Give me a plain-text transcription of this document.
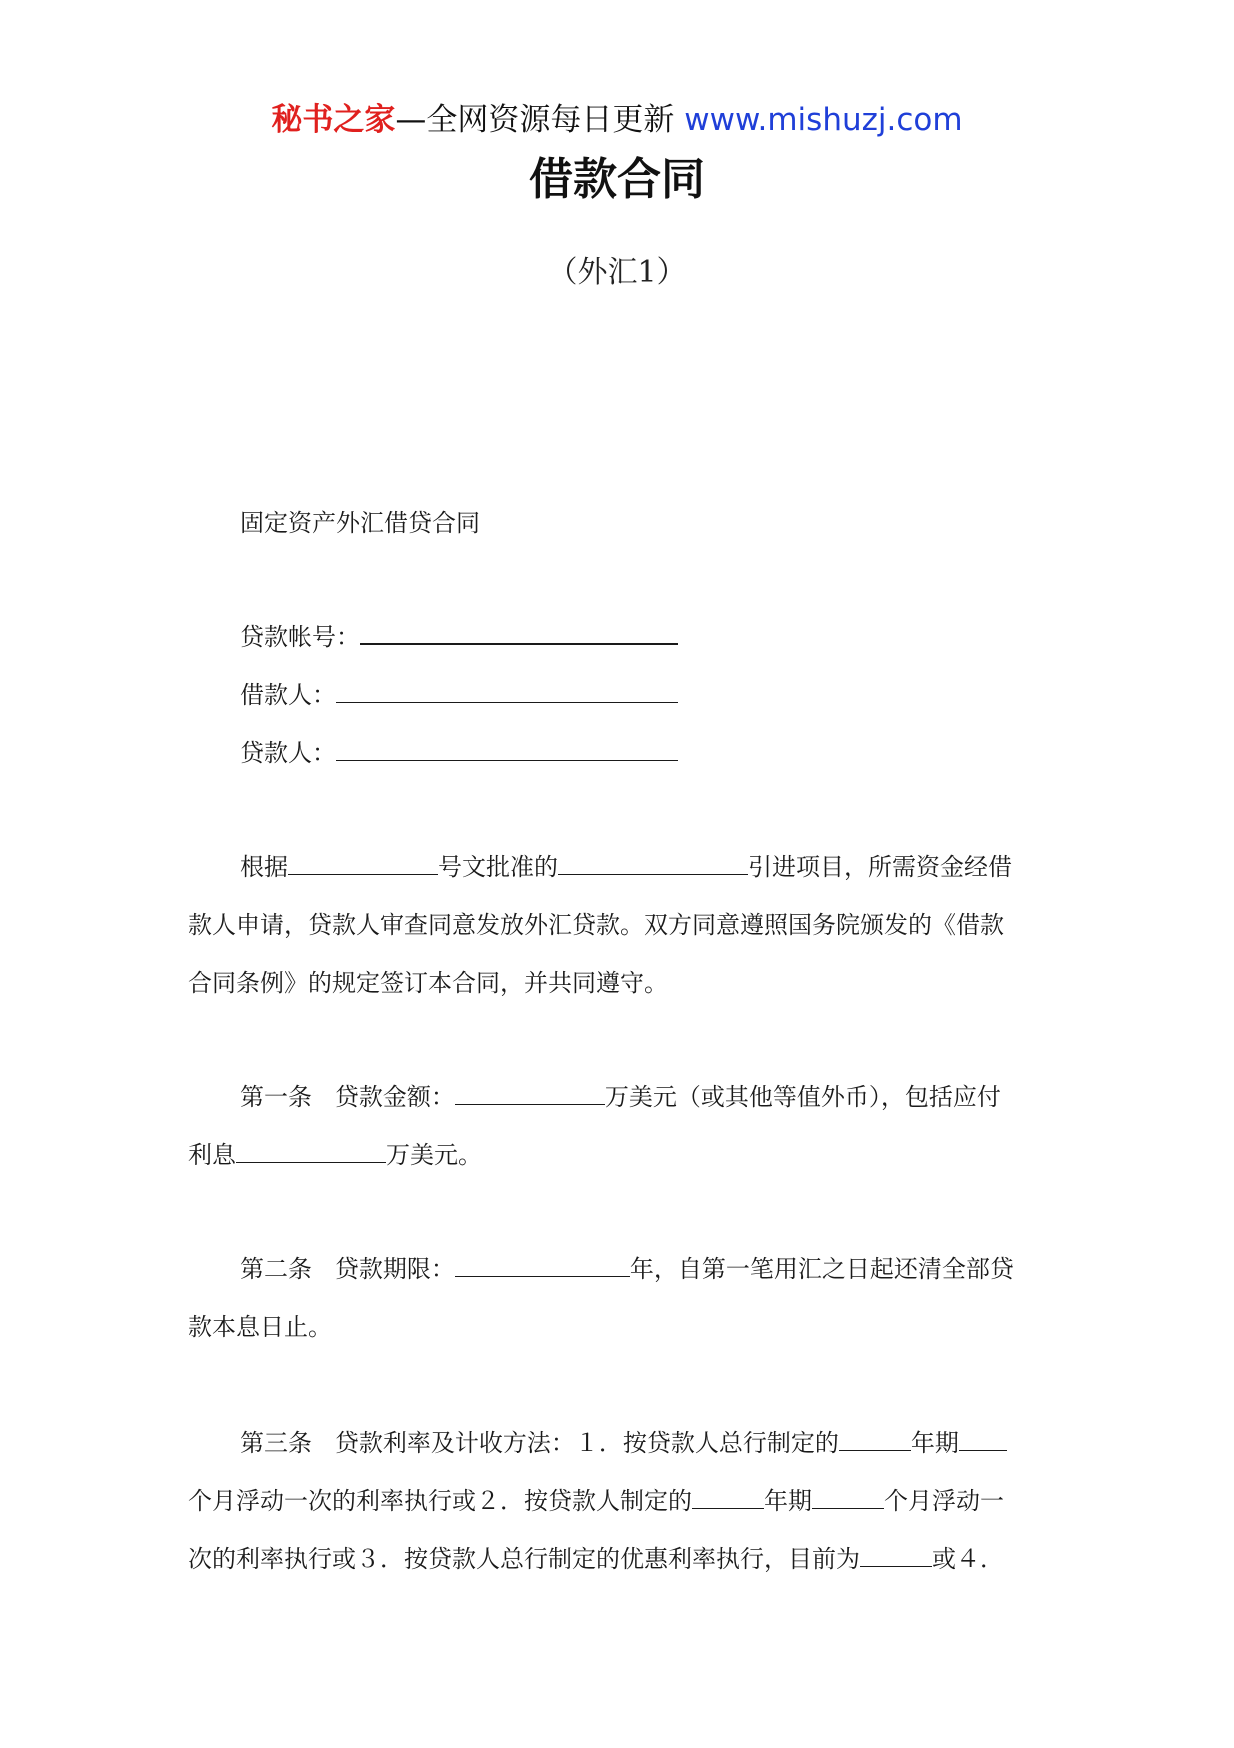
秘书之家—全网资源每日更新 www.mishuzj.com
借款合同
（外汇1）
固定资产外汇借贷合同
贷款帐号：
借款人：
贷款人：
根据	号文批准的	引进项目，所需资金经借
款人申请，贷款人审查同意发放外汇贷款。双方同意遵照国务院颁发的《借款
合同条例》的规定签订本合同，并共同遵守。
第一条 贷款金额：	万美元（或其他等值外币），包括应付
利息	万美元。
第二条 贷款期限：	年，自第一笔用汇之日起还清全部贷
款本息日止。
第三条 贷款利率及计收方法：１．按贷款人总行制定的	年期
个月浮动一次的利率执行或２．按贷款人制定的	年期	个月浮动一
次的利率执行或３．按贷款人总行制定的优惠利率执行，目前为	或４．
